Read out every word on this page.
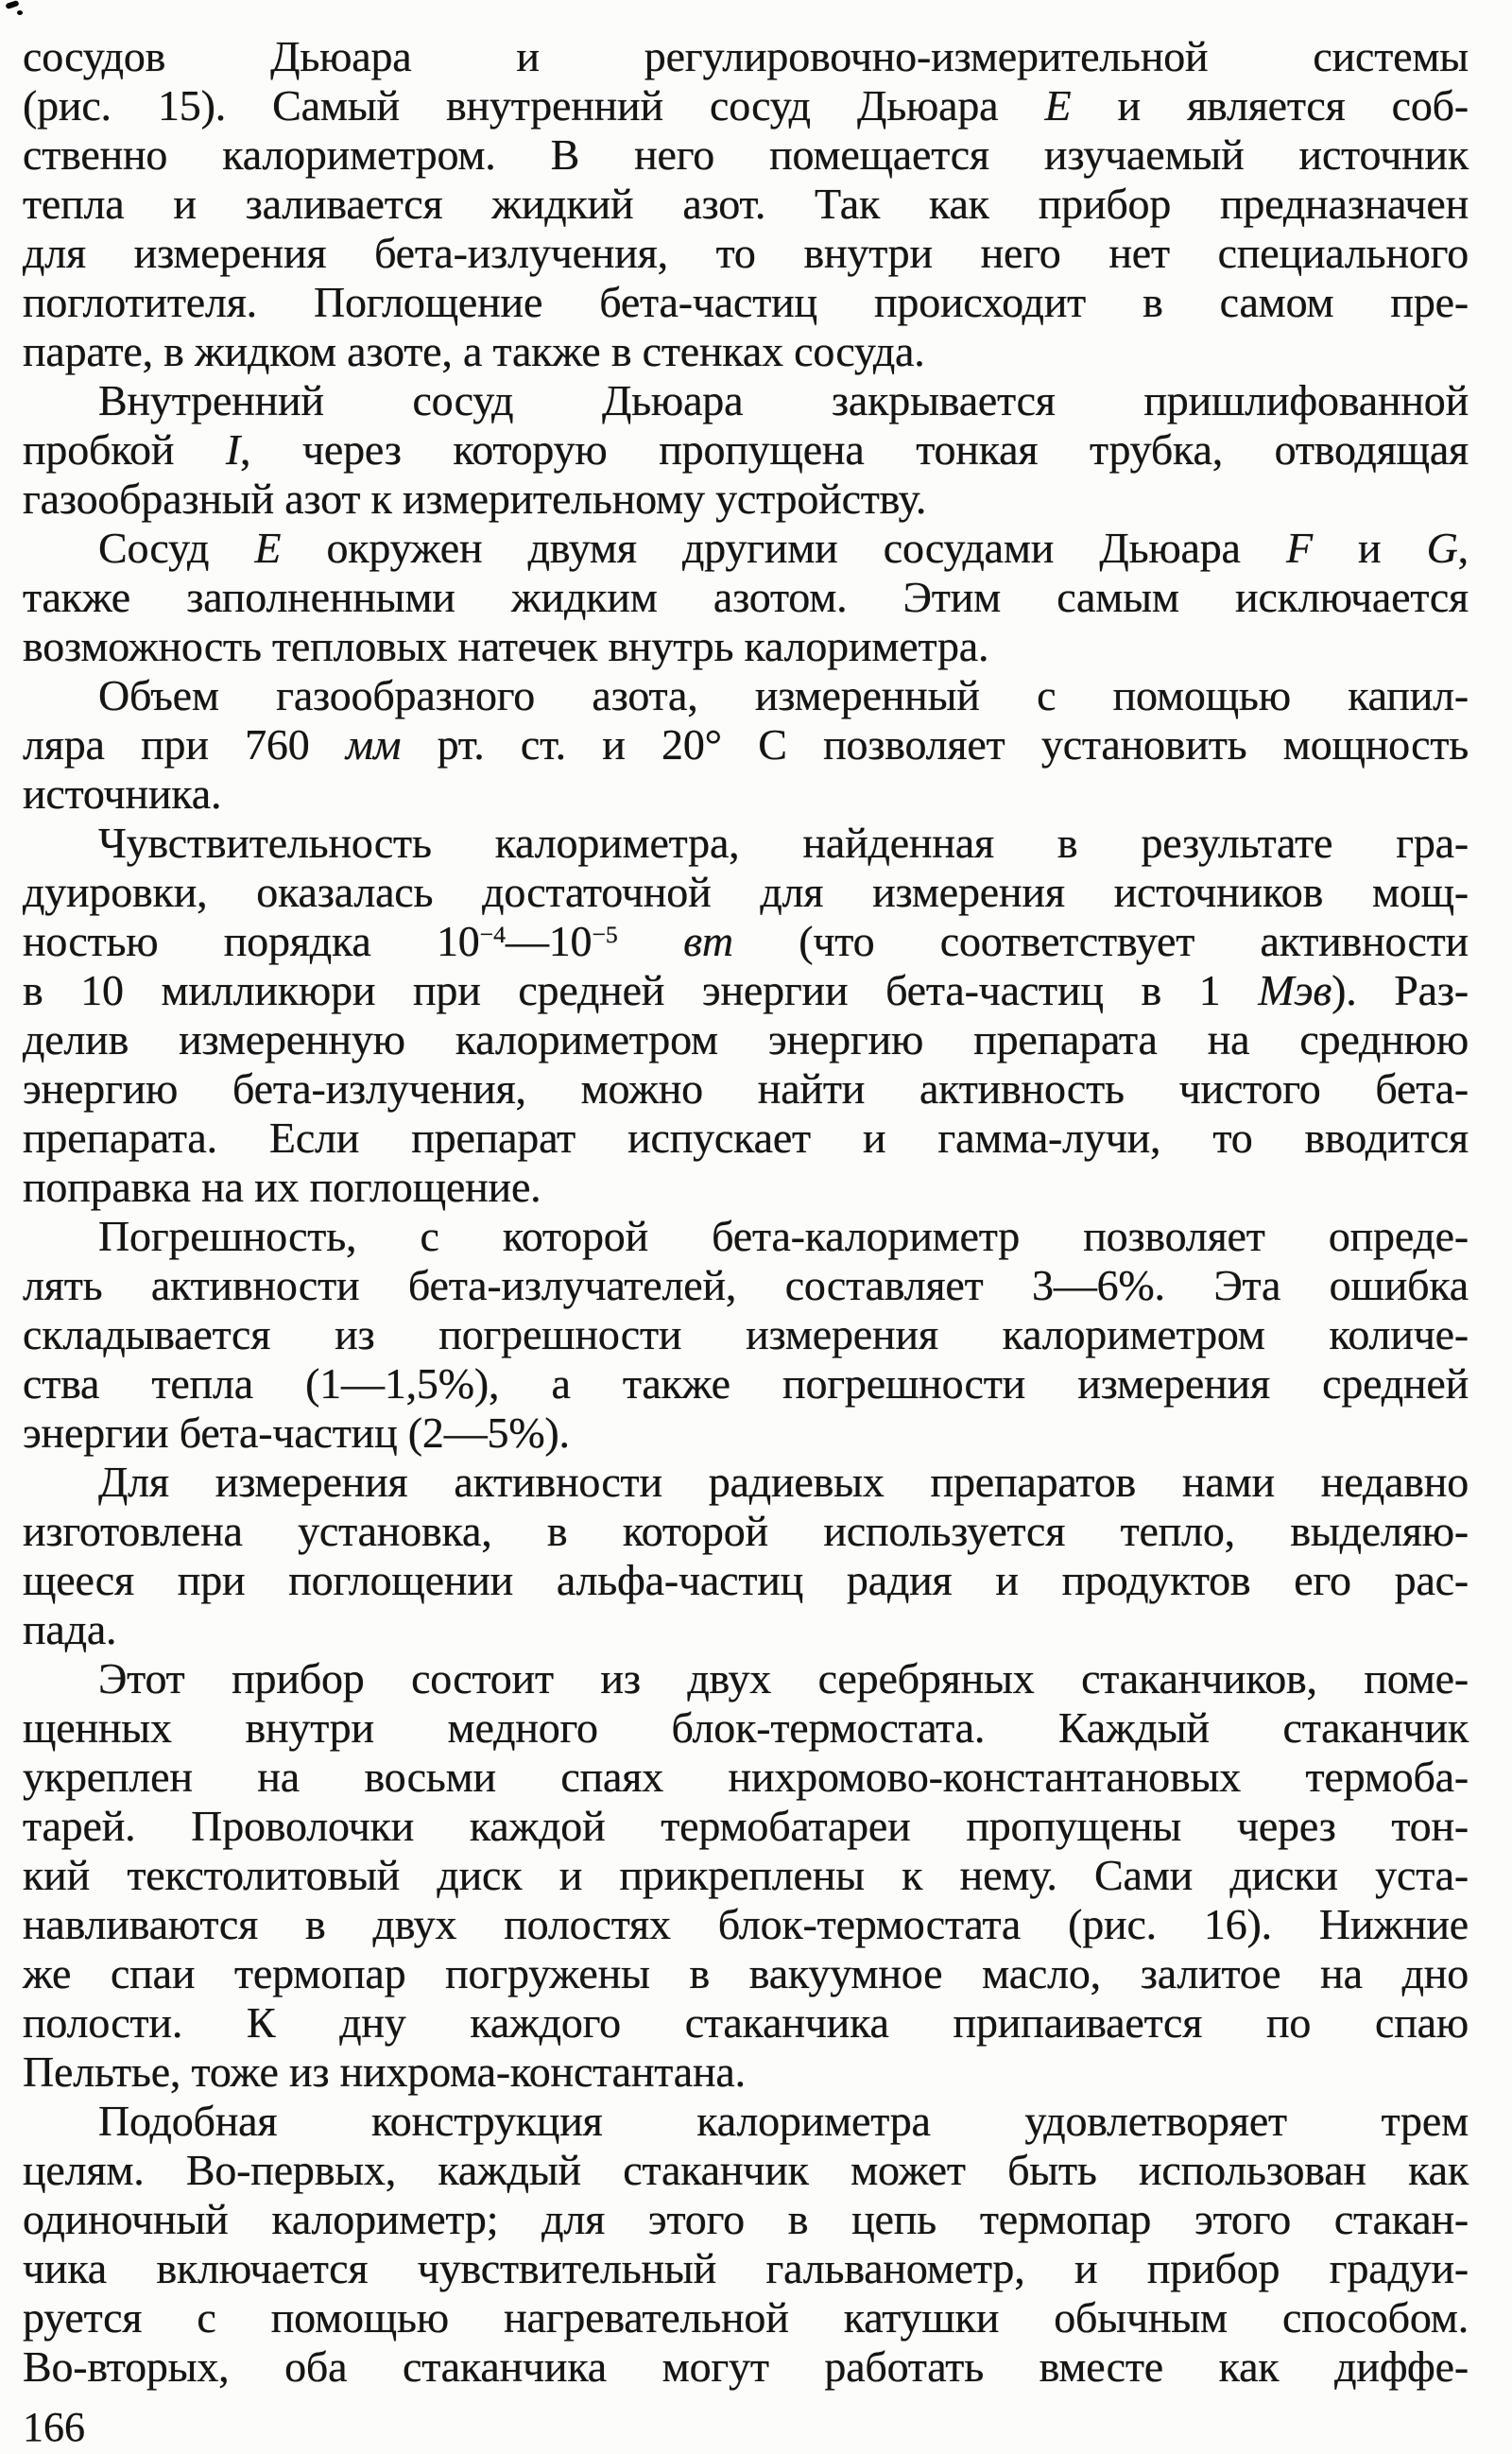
сосудов Дьюара и регулировочно-измерительной системы
(рис. 15). Самый внутренний сосуд Дьюара E и является соб-
ственно калориметром. В него помещается изучаемый источник
тепла и заливается жидкий азот. Так как прибор предназначен
для измерения бета-излучения, то внутри него нет специального
поглотителя. Поглощение бета-частиц происходит в самом пре-
парате, в жидком азоте, а также в стенках сосуда.
Внутренний сосуд Дьюара закрывается пришлифованной
пробкой I, через которую пропущена тонкая трубка, отводящая
газообразный азот к измерительному устройству.
Сосуд E окружен двумя другими сосудами Дьюара F и G,
также заполненными жидким азотом. Этим самым исключается
возможность тепловых натечек внутрь калориметра.
Объем газообразного азота, измеренный с помощью капил-
ляра при 760 мм рт. ст. и 20° С позволяет установить мощность
источника.
Чувствительность калориметра, найденная в результате гра-
дуировки, оказалась достаточной для измерения источников мощ-
ностью порядка $10^{-4}—10^{-5}$ вт (что соответствует активности
в 10 милликюри при средней энергии бета-частиц в 1 Мэв). Раз-
делив измеренную калориметром энергию препарата на среднюю
энергию бета-излучения, можно найти активность чистого бета-
препарата. Если препарат испускает и гамма-лучи, то вводится
поправка на их поглощение.
Погрешность, с которой бета-калориметр позволяет опреде-
лять активности бета-излучателей, составляет 3—6%. Эта ошибка
складывается из погрешности измерения калориметром количе-
ства тепла (1—1,5%), а также погрешности измерения средней
энергии бета-частиц (2—5%).
Для измерения активности радиевых препаратов нами недавно
изготовлена установка, в которой используется тепло, выделяю-
щееся при поглощении альфа-частиц радия и продуктов его рас-
пада.
Этот прибор состоит из двух серебряных стаканчиков, поме-
щенных внутри медного блок-термостата. Каждый стаканчик
укреплен на восьми спаях нихромово-константановых термоба-
тарей. Проволочки каждой термобатареи пропущены через тон-
кий текстолитовый диск и прикреплены к нему. Сами диски уста-
навливаются в двух полостях блок-термостата (рис. 16). Нижние
же спаи термопар погружены в вакуумное масло, залитое на дно
полости. К дну каждого стаканчика припаивается по спаю
Пельтье, тоже из нихрома-константана.
Подобная конструкция калориметра удовлетворяет трем
целям. Во-первых, каждый стаканчик может быть использован как
одиночный калориметр; для этого в цепь термопар этого стакан-
чика включается чувствительный гальванометр, и прибор градуи-
руется с помощью нагревательной катушки обычным способом.
Во-вторых, оба стаканчика могут работать вместе как диффе-
166
